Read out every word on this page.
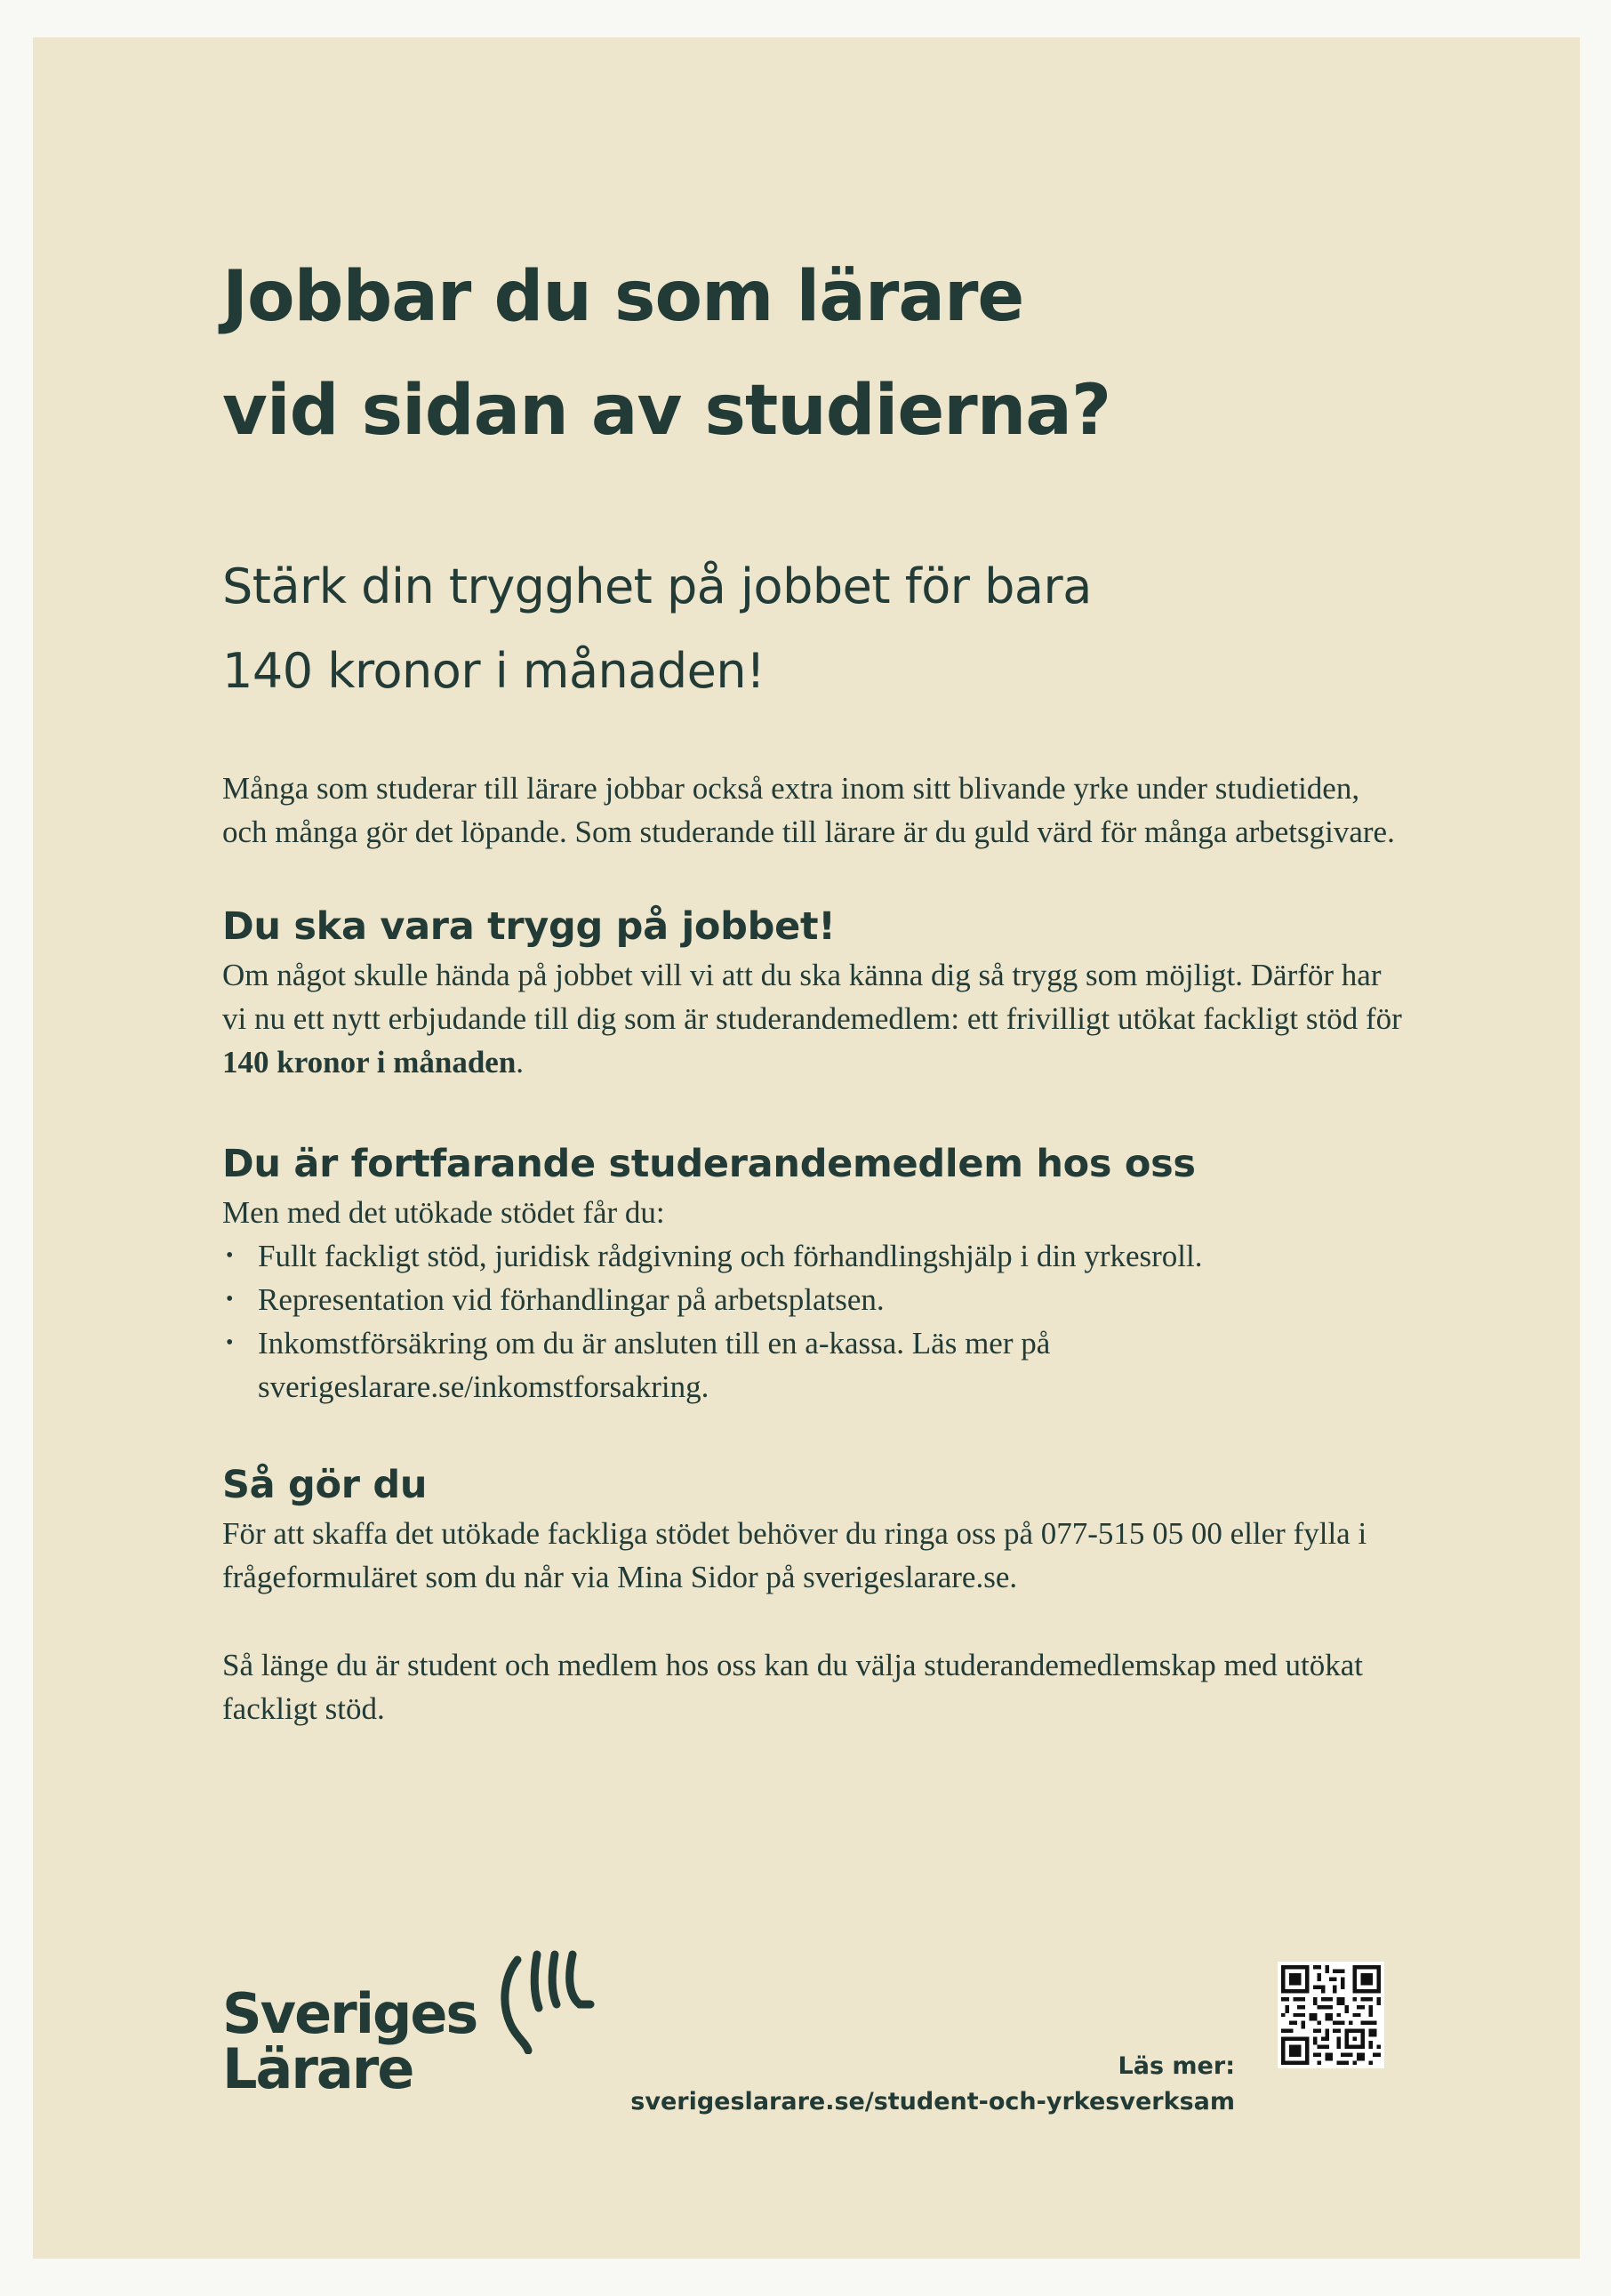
Jobbar du som lärare
vid sidan av studierna?
Stärk din trygghet på jobbet för bara
140 kronor i månaden!

Många som studerar till lärare jobbar också extra inom sitt blivande yrke under studietiden, och många gör det löpande. Som studerande till lärare är du guld värd för många arbetsgivare.

Du ska vara trygg på jobbet!

Om något skulle hända på jobbet vill vi att du ska känna dig så trygg som möjligt. Därför har vi nu ett nytt erbjudande till dig som är studerandemedlem: ett frivilligt utökat fackligt stöd för 140 kronor i månaden.

Du är fortfarande studerandemedlem hos oss

Men med det utökade stödet får du:

• Fullt fackligt stöd, juridisk rådgivning och förhandlingshjälp i din yrkesroll.
• Representation vid förhandlingar på arbetsplatsen.
• Inkomstförsäkring om du är ansluten till en a-kassa. Läs mer på sverigeslarare.se/inkomstforsakring.
Så gör du

För att skaffa det utökade fackliga stödet behöver du ringa oss på 077-515 05 00 eller fylla i frågeformuläret som du når via Mina Sidor på sverigeslarare.se.

Så länge du är student och medlem hos oss kan du välja studerandemedlemskap med utökat fackligt stöd.

Sveriges
Lärare	Läs mer:
sverigeslarare.se/student-och-yrkesverksam
